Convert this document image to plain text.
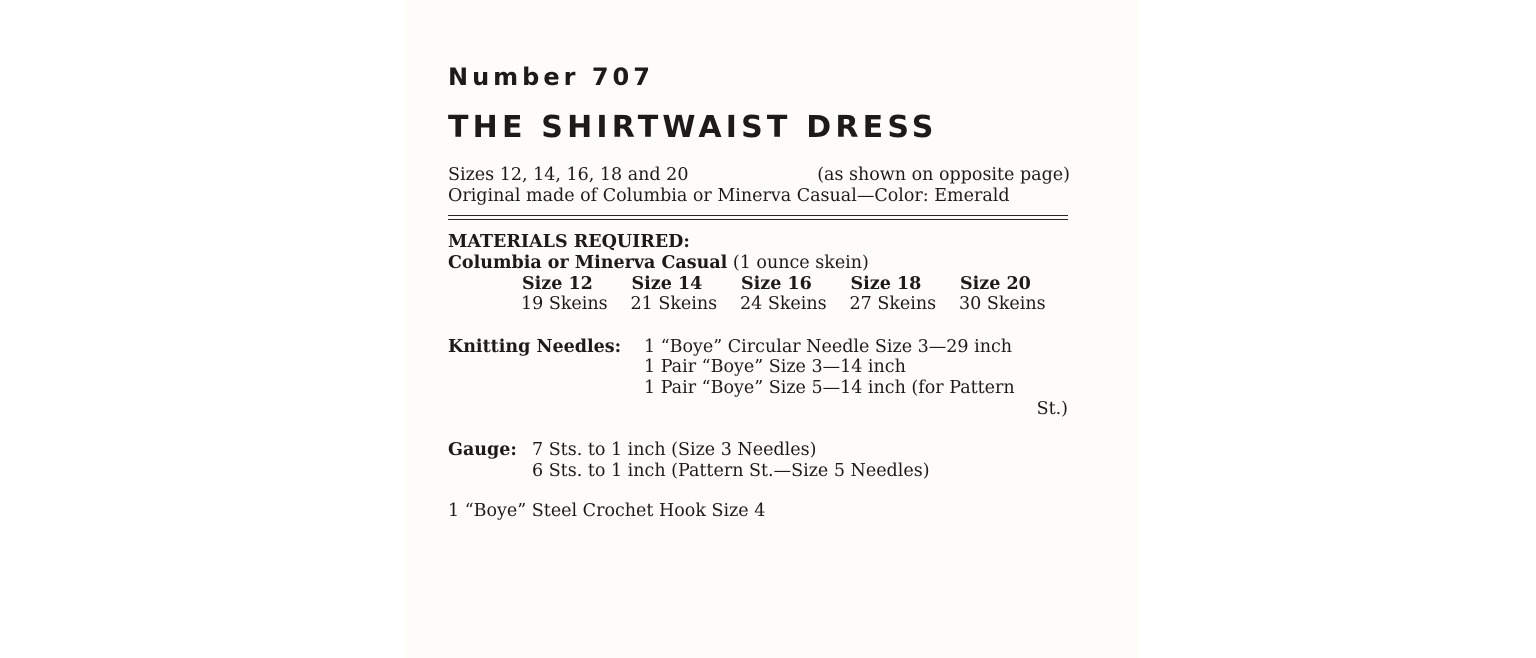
Number 707
THE SHIRTWAIST DRESS
Sizes 12, 14, 16, 18 and 20	(as shown on opposite page)
Original made of Columbia or Minerva Casual—Color: Emerald
MATERIALS REQUIRED:
Columbia or Minerva Casual (1 ounce skein)
Size 12
19 Skeins
Size 14
21 Skeins
Size 16
24 Skeins
Size 18
27 Skeins
Size 20
30 Skeins
Knitting Needles: 1 “Boye” Circular Needle Size 3—29 inch
1 Pair “Boye” Size 3—14 inch
1 Pair “Boye” Size 5—14 inch (for Pattern
St.)
Gauge: 7 Sts. to 1 inch (Size 3 Needles)
6 Sts. to 1 inch (Pattern St.—Size 5 Needles)
1 “Boye” Steel Crochet Hook Size 4
